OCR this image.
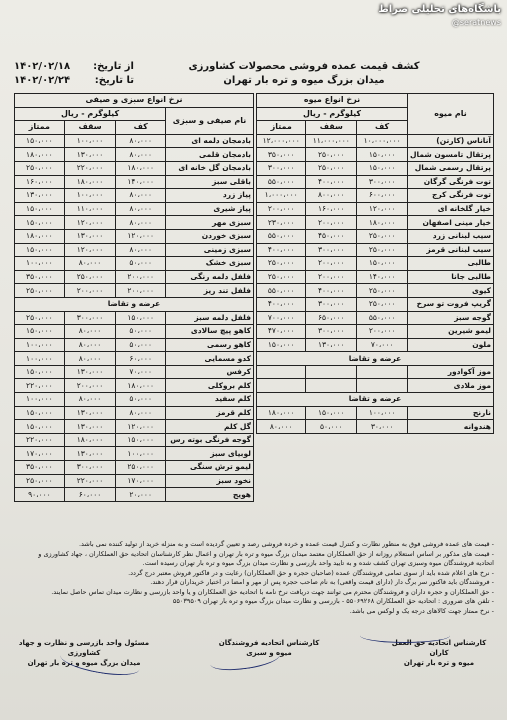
باشگاه‌های تحلیلی صراط
@seratnews
کشف قیمت عمده فروشی محصولات کشاورزی
میدان بزرگ میوه و تره بار تهران
از تاریخ:
۱۴۰۲/۰۲/۱۸
تا تاریخ:
۱۴۰۲/۰۲/۲۴
نام میوه	نرخ انواع میوه		
	کیلوگرم - ریال		
	کف	سقف	ممتاز
آناناس (کارتن)	۱۰،۰۰۰،۰۰۰	۱۱،۰۰۰،۰۰۰	۱۲،۰۰۰،۰۰۰
پرتقال تامسون شمال	۱۵۰،۰۰۰	۲۵۰،۰۰۰	۳۵۰،۰۰۰
پرتقال رسمی شمال	۱۵۰،۰۰۰	۲۵۰،۰۰۰	۳۰۰،۰۰۰
توت فرنگی گرگان	۳۰۰،۰۰۰	۴۰۰،۰۰۰	۵۵۰،۰۰۰
توت فرنگی کرج	۶۰۰،۰۰۰	۸۰۰،۰۰۰	۱،۰۰۰،۰۰۰
خیار گلخانه ای	۱۲۰،۰۰۰	۱۶۰،۰۰۰	۲۰۰،۰۰۰
خیار مینی اصفهان	۱۸۰،۰۰۰	۲۰۰،۰۰۰	۲۳۰،۰۰۰
سیب لبنانی زرد	۲۵۰،۰۰۰	۴۵۰،۰۰۰	۵۵۰،۰۰۰
سیب لبنانی قرمز	۲۵۰،۰۰۰	۳۰۰،۰۰۰	۴۰۰،۰۰۰
طالبی	۱۵۰،۰۰۰	۲۰۰،۰۰۰	۲۵۰،۰۰۰
طالبی جانا	۱۴۰،۰۰۰	۲۰۰،۰۰۰	۲۵۰،۰۰۰
کیوی	۲۵۰،۰۰۰	۴۰۰،۰۰۰	۵۵۰،۰۰۰
گریپ فروت تو سرخ	۲۵۰،۰۰۰	۳۰۰،۰۰۰	۴۰۰،۰۰۰
گوجه سبز	۵۵۰،۰۰۰	۶۵۰،۰۰۰	۷۰۰،۰۰۰
لیمو شیرین	۲۰۰،۰۰۰	۳۰۰،۰۰۰	۴۷۰،۰۰۰
ملون	۷۰،۰۰۰	۱۳۰،۰۰۰	۱۵۰،۰۰۰
عرضه و تقاضا			
موز آکوادور			
موز ملادی			
عرضه و تقاضا			
نارنج	۱۰۰،۰۰۰	۱۵۰،۰۰۰	۱۸۰،۰۰۰
هندوانه	۳۰،۰۰۰	۵۰،۰۰۰	۸۰،۰۰۰
نرخ انواع سبزی و صیفی			
نام صیفی و سبزی	کیلوگرم - ریال		
	کف	سقف	ممتاز
بادمجان دلمه ای	۸۰،۰۰۰	۱۰۰،۰۰۰	۱۵۰،۰۰۰
بادمجان قلمی	۸۰،۰۰۰	۱۳۰،۰۰۰	۱۸۰،۰۰۰
بادمجان گل خانه ای	۱۸۰،۰۰۰	۲۲۰،۰۰۰	۲۵۰،۰۰۰
باقلی سبز	۱۴۰،۰۰۰	۱۸۰،۰۰۰	۱۶۰،۰۰۰
پیاز زرد	۸۰،۰۰۰	۱۰۰،۰۰۰	۱۳۰،۰۰۰
پیاز شیری	۸۰،۰۰۰	۱۱۰،۰۰۰	۱۵۰،۰۰۰
سبزی مهر	۸۰،۰۰۰	۱۲۰،۰۰۰	۱۵۰،۰۰۰
سبزی خوردن	۱۲۰،۰۰۰	۱۳۰،۰۰۰	۱۸۰،۰۰۰
سبزی زمینی	۸۰،۰۰۰	۱۲۰،۰۰۰	۱۵۰،۰۰۰
سبزی خشک	۵۰،۰۰۰	۸۰،۰۰۰	۱۰۰،۰۰۰
فلفل دلمه رنگی	۲۰۰،۰۰۰	۲۵۰،۰۰۰	۳۵۰،۰۰۰
فلفل تند ریز	۲۰۰،۰۰۰	۲۰۰،۰۰۰	۲۵۰،۰۰۰
عرضه و تقاضا			
فلفل دلمه سبز	۱۵۰،۰۰۰	۳۰۰،۰۰۰	۲۵۰،۰۰۰
کاهو پیچ سالادی	۵۰،۰۰۰	۸۰،۰۰۰	۱۵۰،۰۰۰
کاهو رسمی	۵۰،۰۰۰	۸۰،۰۰۰	۱۰۰،۰۰۰
کدو مسمایی	۶۰،۰۰۰	۸۰،۰۰۰	۱۰۰،۰۰۰
کرفس	۷۰،۰۰۰	۱۳۰،۰۰۰	۱۵۰،۰۰۰
کلم بروکلی	۱۸۰،۰۰۰	۲۰۰،۰۰۰	۲۲۰،۰۰۰
کلم سفید	۵۰،۰۰۰	۸۰،۰۰۰	۱۰۰،۰۰۰
کلم قرمز	۸۰،۰۰۰	۱۳۰،۰۰۰	۱۵۰،۰۰۰
گل کلم	۱۲۰،۰۰۰	۱۳۰،۰۰۰	۱۵۰،۰۰۰
گوجه فرنگی بوته رس	۱۵۰،۰۰۰	۱۸۰،۰۰۰	۲۲۰،۰۰۰
لوبیای سبز	۱۰۰،۰۰۰	۱۳۰،۰۰۰	۱۷۰،۰۰۰
لیمو ترش سنگی	۲۵۰،۰۰۰	۳۰۰،۰۰۰	۳۵۰،۰۰۰
نخود سبز	۱۷۰،۰۰۰	۲۲۰،۰۰۰	۲۵۰،۰۰۰
هویج	۲۰،۰۰۰	۶۰،۰۰۰	۹۰،۰۰۰
- قیمت های عمده فروشی فوق به منظور نظارت و کنترل قیمت عمده و خرده فروشی رصد و تعیین گردیده است و به منزله خرید از تولید کننده نمی باشد.
- قیمت های مذکور بر اساس استعلام روزانه از حق العملکاران معتمد میدان بزرگ میوه و تره بار تهران و اعمال نظر کارشناسان اتحادیه حق العملکاران ، جهاد کشاورزی و
اتحادیه فروشندگان میوه وسبزی تهران کشف شده و به تایید واحد بازرسی و نظارت میدان بزرگ میوه و تره بار تهران رسیده است.
- نرخ های اعلام شده باید از سوی تمامی فروشندگان عمده (صاحبان حجره و حق العملکاران) رعایت و در فاکتور فروش معتبر درج گردد.
- فروشندگان باید فاکتور سر برگ دار (دارای قیمت واقعی) به نام صاحب حجره پس از مهر و امضا در اختیار خریداران قرار دهند.
- حق العملکاران و حجره داران و فروشندگان محترم می توانند جهت دریافت نرخ نامه با اتحادیه حق العملکاران و یا واحد بازرسی و نظارت میدان تماس حاصل نمایند.
- تلفن های ضروری : اتحادیه حق العملکاران ۵۵۰۶۹۲۶۸ - بازرسی و نظارت میدان بزرگ میوه و تره بار تهران ۵۵۰۳۹۵۰۹
- نرخ ممتاز جهت کالاهای درجه یک و لوکس می باشد.
کارشناس اتحادیه حق العمل کاران
میوه و تره بار تهران
کارشناس اتحادیه فروشندگان
میوه و سبزی
مسئول واحد بازرسی و نظارت و جهاد کشاورزی
میدان بزرگ میوه و تره بار تهران
